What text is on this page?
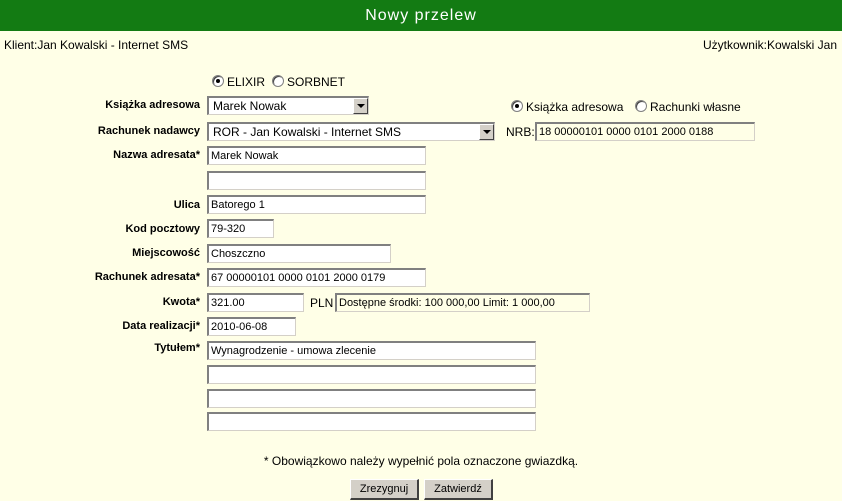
Nowy przelew
Klient:Jan Kowalski - Internet SMS	Użytkownik:Kowalski Jan
ELIXIR SORBNET
Książka adresowa	Marek Nowak	Książka adresowa Rachunki własne
Rachunek nadawcy	ROR - Jan Kowalski - Internet SMS	NRB: 18 00000101 0000 0101 2000 0188
Nazwa adresata*	Marek Nowak
Ulica	Batorego 1
Kod pocztowy	79-320
Miejscowość	Choszczno
Rachunek adresata*	67 00000101 0000 0101 2000 0179
Kwota*	321.00	PLN Dostępne środki: 100 000,00 Limit: 1 000,00
Data realizacji*	2010-06-08
Tytułem*	Wynagrodzenie - umowa zlecenie
* Obowiązkowo należy wypełnić pola oznaczone gwiazdką.
Zrezygnuj	Zatwierdź
